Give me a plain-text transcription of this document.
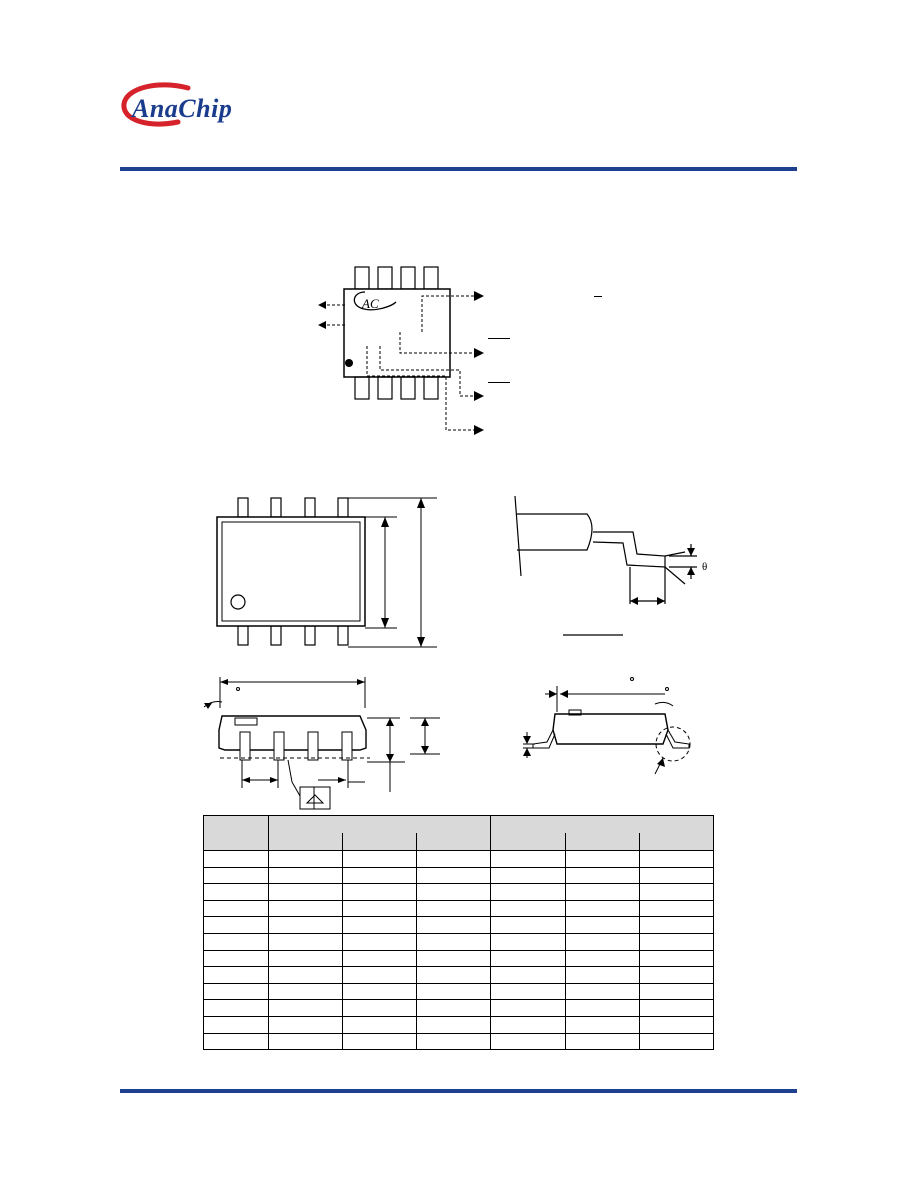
AnaChip
AC
θ
